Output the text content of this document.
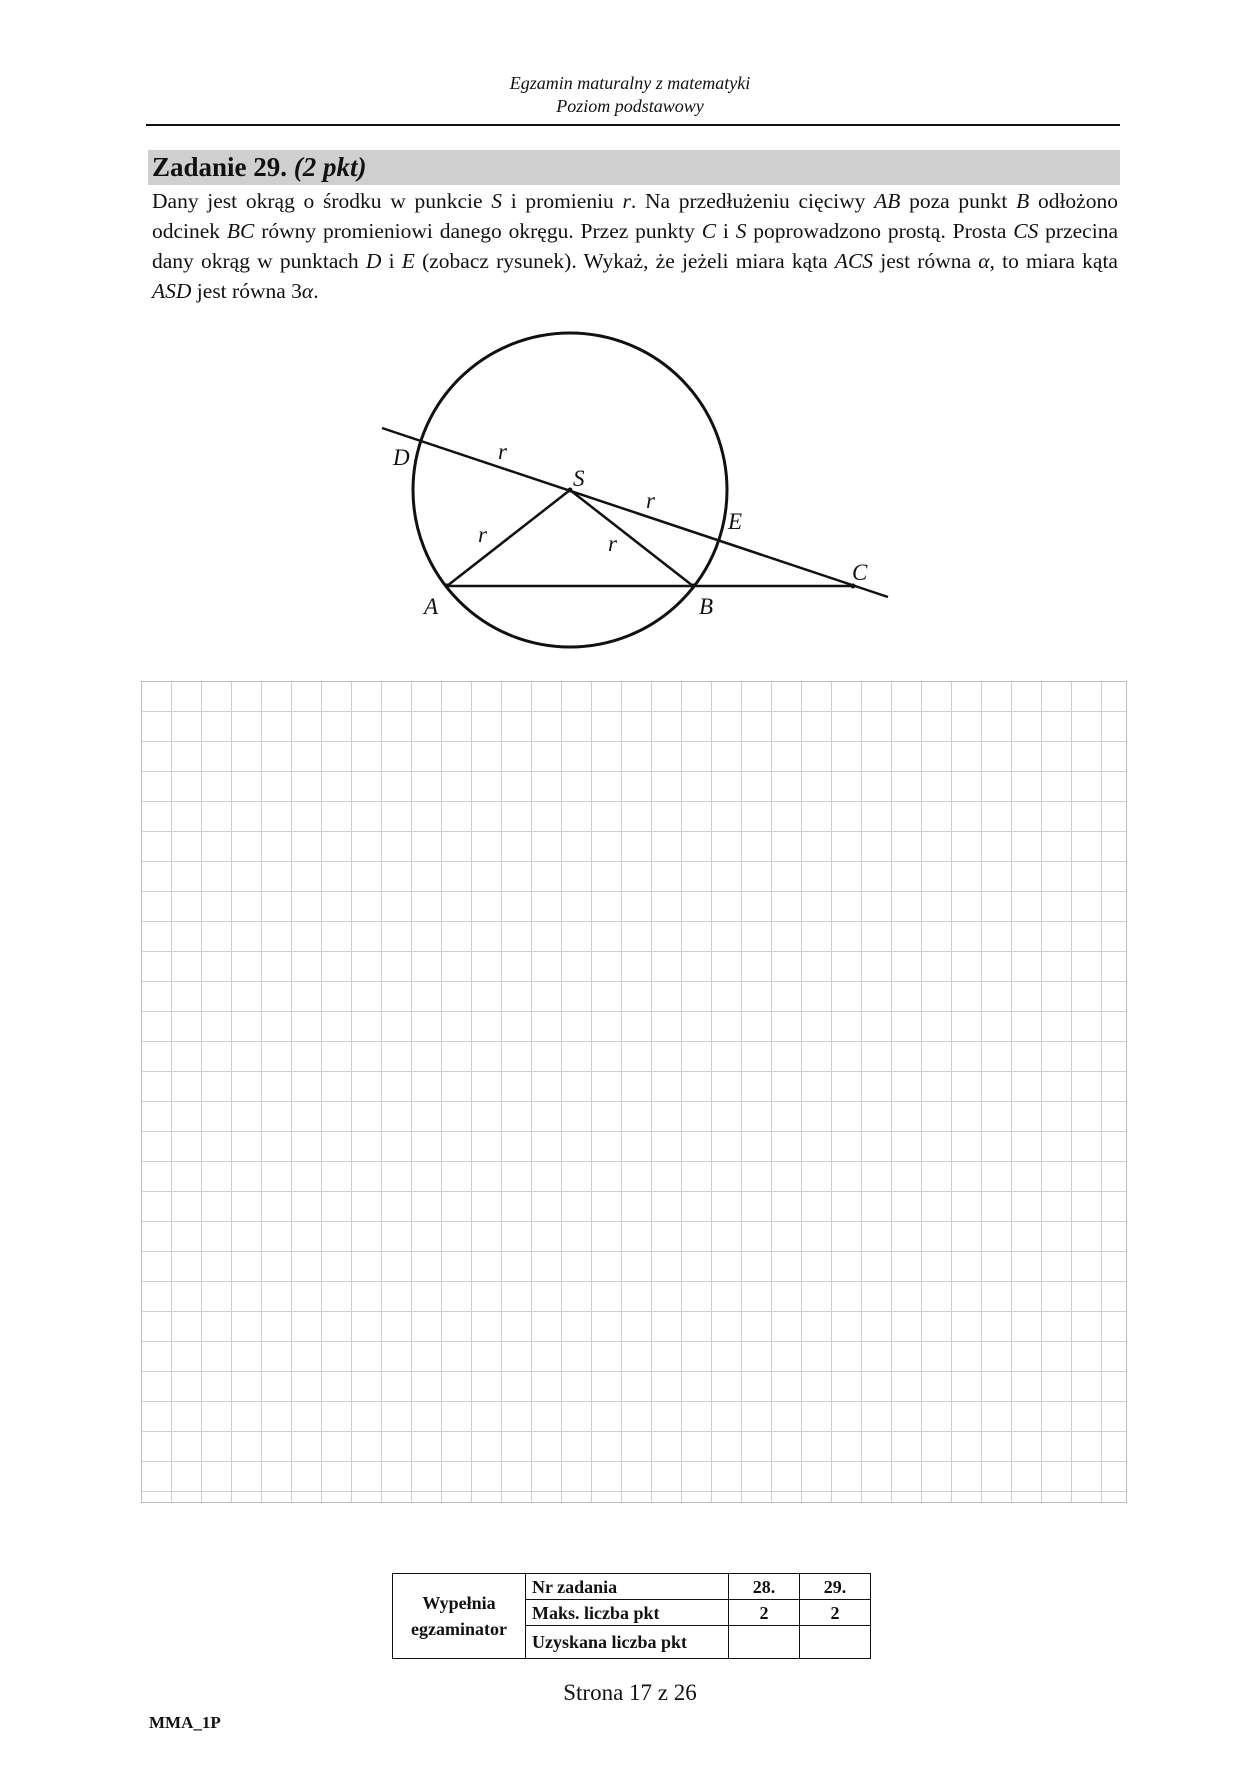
Egzamin maturalny z matematyki
Poziom podstawowy
Zadanie 29. (2 pkt)
Dany jest okrąg o środku w punkcie S i promieniu r. Na przedłużeniu cięciwy AB poza punkt B odłożono odcinek BC równy promieniowi danego okręgu. Przez punkty C i S poprowadzono prostą. Prosta CS przecina dany okrąg w punktach D i E (zobacz rysunek). Wykaż, że jeżeli miara kąta ACS jest równa α, to miara kąta ASD jest równa 3α.
D
S
E
C
A	B
r
r
r	r
Wypełnia
egzaminator	Nr zadania	28.	29.
	Maks. liczba pkt	2	2
	Uzyskana liczba pkt		
Strona 17 z 26
MMA_1P
